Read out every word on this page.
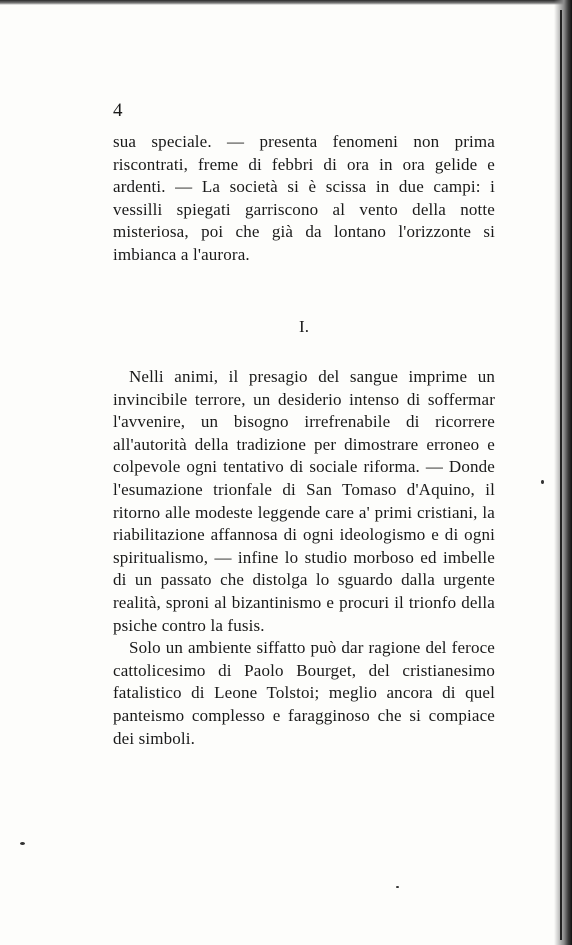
4

sua speciale. — presenta fenomeni non prima riscontrati, freme di febbri di ora in ora gelide e ardenti. — La società si è scissa in due campi: i vessilli spiegati garriscono al vento della notte misteriosa, poi che già da lontano l'orizzonte si imbianca a l'aurora.

I.

Nelli animi, il presagio del sangue imprime un invincibile terrore, un desiderio intenso di soffermar l'avvenire, un bisogno irrefrenabile di ricorrere all'autorità della tradizione per dimostrare erroneo e colpevole ogni tentativo di sociale riforma. — Donde l'esumazione trionfale di San Tomaso d'Aquino, il ritorno alle modeste leggende care a' primi cristiani, la riabilitazione affannosa di ogni ideologismo e di ogni spiritualismo, — infine lo studio morboso ed imbelle di un passato che distolga lo sguardo dalla urgente realità, sproni al bizantinismo e procuri il trionfo della psiche contro la fusis.

Solo un ambiente siffatto può dar ragione del feroce cattolicesimo di Paolo Bourget, del cristianesimo fatalistico di Leone Tolstoi; meglio ancora di quel panteismo complesso e faragginoso che si compiace dei simboli.
